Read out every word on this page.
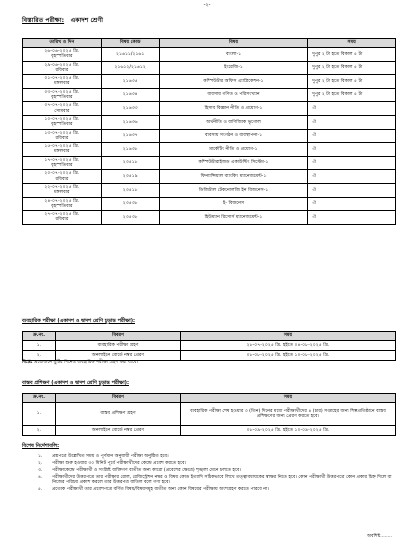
-২-
বিস্তারিত পরীক্ষা: একাদশ শ্রেণী
তারিখ ও দিন	বিষয় কোড	বিষয়	সময়

২৬-০৬-২০২৫ খ্রি.
বৃহস্পতিবার	২১৬১১/২১৬১	বাংলা-১	দুপুর ২ টা হতে বিকাল ৫ টা

২৯-০৬-২০২৫ খ্রি.
রবিবার	২১৬১২/২১৬১২	ইংরেজি-১	দুপুর ২ টা হতে বিকাল ৫ টা

০১-০৭-২০২৫ খ্রি.
মঙ্গলবার	২১৬৩৫	কম্পিউটার অফিস এ্যাপ্লিকেশন-১	দুপুর ২ টা হতে বিকাল ৫ টা

০৩-০৭-২০২৫ খ্রি.
বৃহস্পতিবার	২১৬৩৪	ব্যবসায় গণিত ও পরিসংখ্যান	দুপুর ২ টা হতে বিকাল ৫ টা

০৭-০৭-২০২৫ খ্রি.
সোমবার	২১৬৩৩	হিসাব বিজ্ঞান নীতি ও প্রয়োগ-১	ঐ

১০-০৭-২০২৫ খ্রি.
বৃহস্পতিবার	২১৬৩৬	অর্থনীতি ও বাণিজ্যিক ভূগোল	ঐ

১৩-০৭-২০২৫ খ্রি.
রবিবার	২১৬৩৭	ব্যবসায় সংগঠন ও ব্যবস্থাপনা-১	ঐ

১৫-০৭-২০২৫ খ্রি.
মঙ্গলবার	২১৬৩৮	মার্কেটিং নীতি ও প্রয়োগ-১	ঐ

১৭-০৭-২০২৫ খ্রি.
বৃহস্পতিবার	২৩৫১৮	কম্পিউটারাইজড একাউন্টিং সিস্টেম-১	ঐ

২০-০৭-২০২৫ খ্রি.
রবিবার	২৩৫১৯	ফিন্যান্সিয়াল ব্যাংকিং ম্যানেজমেন্ট-১	ঐ

২২-০৭-২০২৫ খ্রি.
মঙ্গলবার	২৩৫১৮	ডিজিটাল টেকনোলজি ইন বিজনেস-১	ঐ

২৪-০৭-২০২৫ খ্রি.
বৃহস্পতিবার	২৩৫৩৮	ই- বিজনেস	ঐ

২৭-০৭-২০২৫ খ্রি.
রবিবার	২৩৫৩৮	হিউম্যান রিসোর্স ম্যানেজমেন্ট-১	ঐ
ব্যবহারিক পরীক্ষা (একাদশ ও দ্বাদশ শ্রেণি চূড়ান্ত পরীক্ষা):
ক্র.নং.	বিবরণ	সময়
১.	ব্যবহারিক পরীক্ষা গ্রহণ	২৮-০৭-২০২৫ খ্রি. হইতে ০৪-০৮-২০২৫ খ্রি.
২.	অনলাইনে বোর্ডে নম্বর প্রেরণ	০৮-০৮-২০২৫ খ্রি. হইতে ১০-০৮-২০২৫ খ্রি.
বি:দ্র: প্রয়োজনে ছুটির দিনেও ব্যবহারিক পরীক্ষা গ্রহণ করা যাবে।
বাস্তব প্রশিক্ষণ (একাদশ ও দ্বাদশ শ্রেণি চূড়ান্ত পরীক্ষা):
ক্র.নং.	বিবরণ	সময়
১.	বাস্তব প্রশিক্ষণ গ্রহণ	ব্যবহারিক পরীক্ষা শেষ হওয়ার ৩ (তিন) দিনের মধ্যে পরীক্ষার্থীদের ৪ (চার) সপ্তাহের জন্য শিল্পপ্রতিষ্ঠানে বাস্তব প্রশিক্ষণের জন্য প্রেরণ করতে হবে।
২.	অনলাইনে বোর্ডে নম্বর প্রেরণ	০৮-০৯-২০২৫ খ্রি. হইতে ১০-০৯-২০২৫ খ্রি.
বিশেষ নির্দেশাবলি:
১. প্রশ্নপত্রে উল্লেখিত সময় ও পূর্ণমান অনুযায়ী পরীক্ষা অনুষ্ঠিত হবে।
২. পরীক্ষা শুরু হওয়ার ৩০ মিনিট পূর্বে পরীক্ষার্থীদের কেন্দ্রে প্রবেশ করতে হবে।
৩. পরীক্ষাকেন্দ্রে পরীক্ষার্থী ও সংশ্লিষ্ট ব্যক্তিগণ ব্যতীত অন্য কারো (প্রবেশের ক্ষেত্রে) শৃঙ্খলা মেনে চলতে হবে।
৪. পরীক্ষার্থীদের উত্তরপত্রে তার পরীক্ষার রোল, রেজিস্ট্রেশন নম্বর ও বিষয় কোড ইত্যাদি সঠিকভাবে লিখে তত্ত্বাবধায়কের স্বাক্ষর নিতে হবে। কোন পরীক্ষার্থী উত্তরপত্রে কোন প্রকার চিহ্ন দিলে বা নিজের পরিচয় প্রকাশ করলে তার উত্তরপত্র বাতিল বলে গণ্য হবে।
৫. প্রত্যেক পরীক্ষার্থী তার প্রবেশপত্রে বর্ণিত বিষয়/বিষয়সমূহ ব্যতীত অন্য কোন বিষয়ের পরীক্ষায় অংশগ্রহণ করতে পারবে না।
অবশিষ্ট........
